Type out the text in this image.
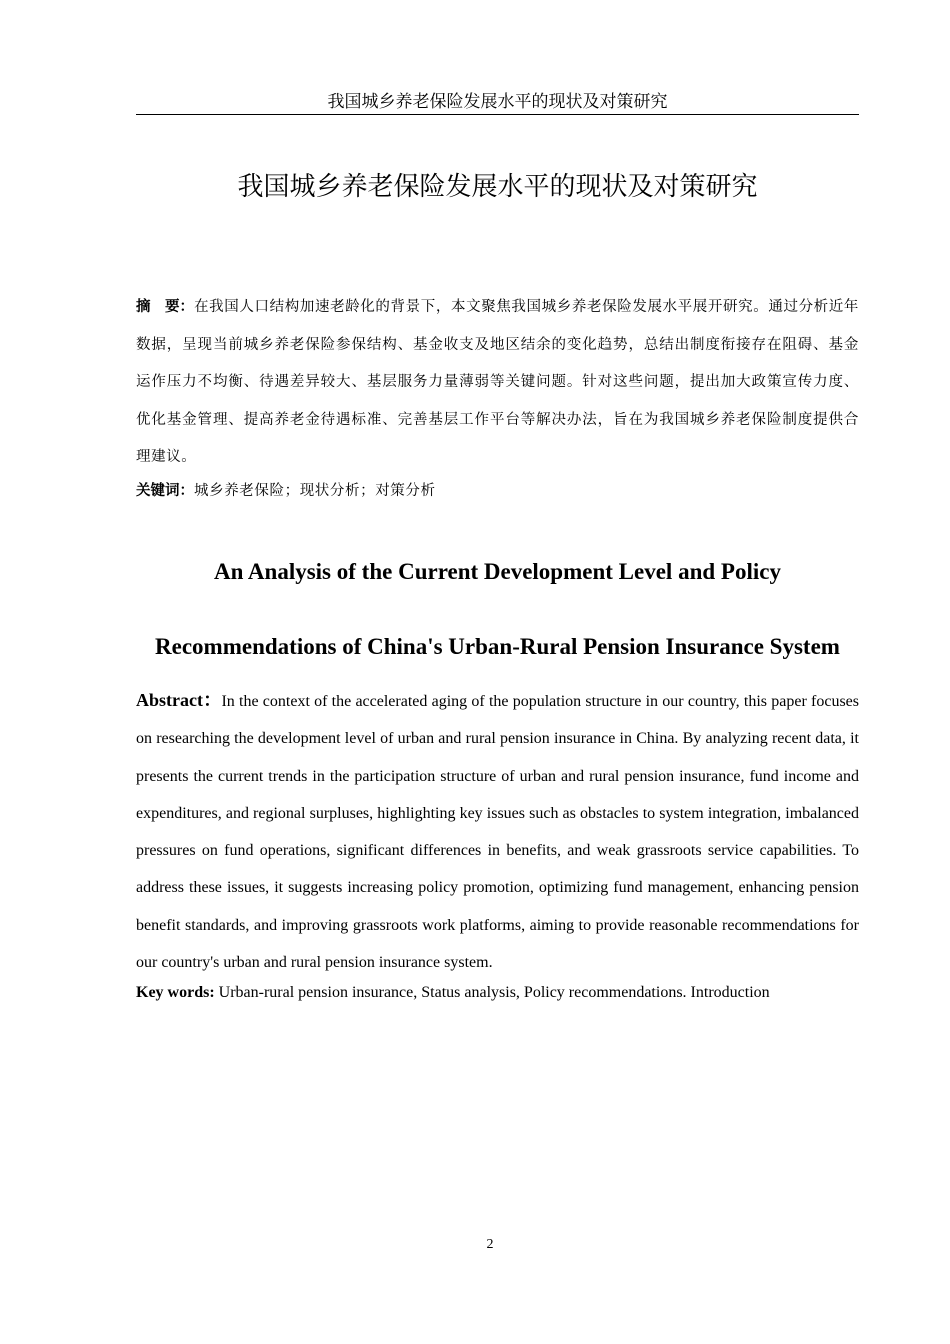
我国城乡养老保险发展水平的现状及对策研究
我国城乡养老保险发展水平的现状及对策研究
摘　要：在我国人口结构加速老龄化的背景下，本文聚焦我国城乡养老保险发展水平展开研究。通过分析近年数据，呈现当前城乡养老保险参保结构、基金收支及地区结余的变化趋势，总结出制度衔接存在阻碍、基金运作压力不均衡、待遇差异较大、基层服务力量薄弱等关键问题。针对这些问题，提出加大政策宣传力度、优化基金管理、提高养老金待遇标准、完善基层工作平台等解决办法，旨在为我国城乡养老保险制度提供合理建议。
关键词：城乡养老保险；现状分析；对策分析
An Analysis of the Current Development Level and Policy
Recommendations of China's Urban-Rural Pension Insurance System
Abstract：In the context of the accelerated aging of the population structure in our country, this paper focuses on researching the development level of urban and rural pension insurance in China. By analyzing recent data, it presents the current trends in the participation structure of urban and rural pension insurance, fund income and expenditures, and regional surpluses, highlighting key issues such as obstacles to system integration, imbalanced pressures on fund operations, significant differences in benefits, and weak grassroots service capabilities. To address these issues, it suggests increasing policy promotion, optimizing fund management, enhancing pension benefit standards, and improving grassroots work platforms, aiming to provide reasonable recommendations for our country's urban and rural pension insurance system.
Key words: Urban-rural pension insurance, Status analysis, Policy recommendations. Introduction
2
